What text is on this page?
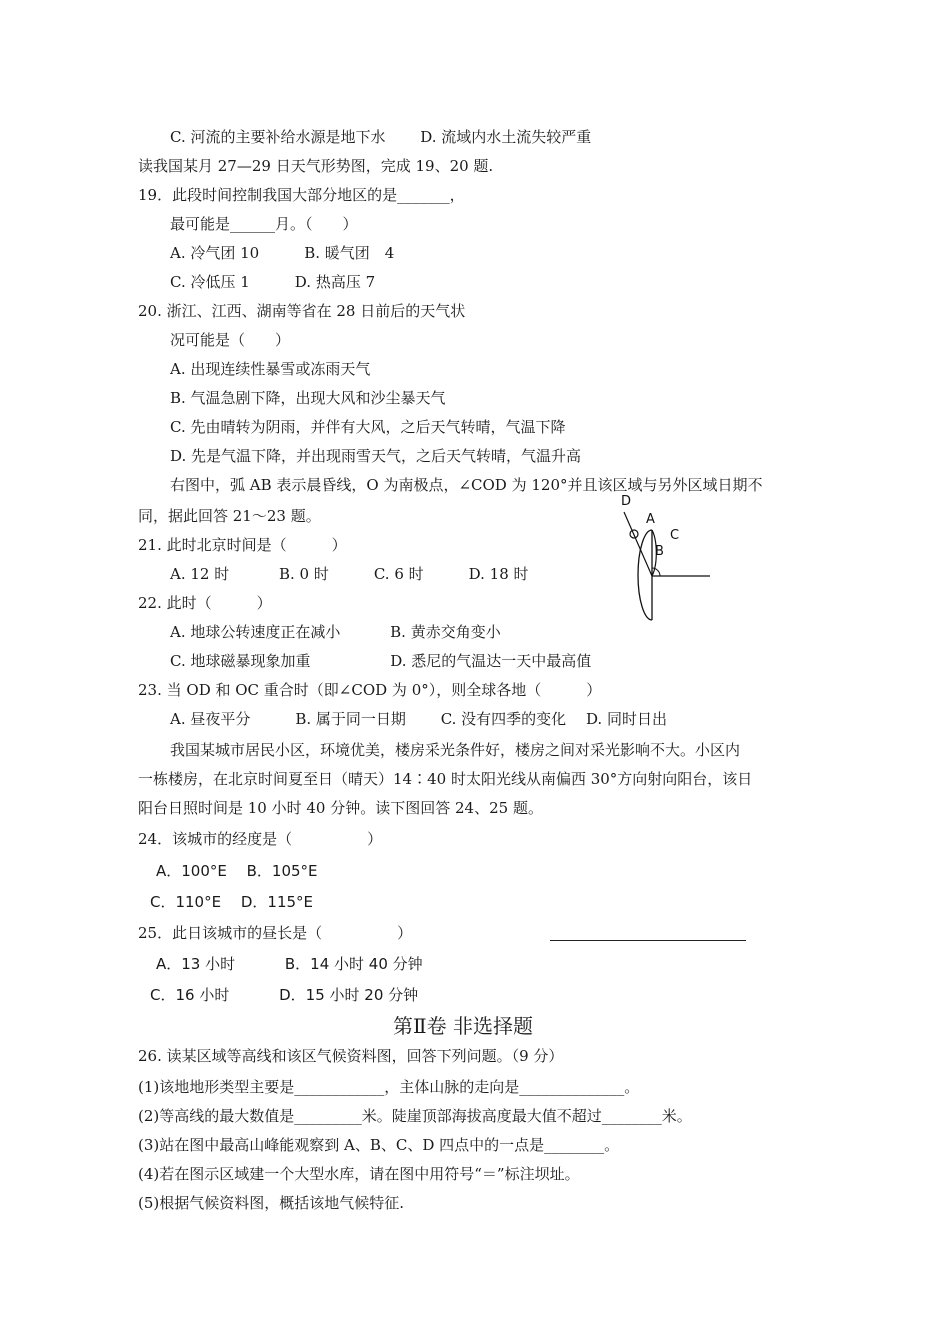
C. 河流的主要补给水源是地下水　　 D. 流域内水土流失较严重
读我国某月 27—29 日天气形势图，完成 19、20 题.
19．此段时间控制我国大部分地区的是_______，
最可能是______月。（　　）
A. 冷气团 10　　　B. 暖气团　4
C. 冷低压 1　　　D. 热高压 7
20. 浙江、江西、湖南等省在 28 日前后的天气状
况可能是（　　）
A. 出现连续性暴雪或冻雨天气
B. 气温急剧下降，出现大风和沙尘暴天气
C. 先由晴转为阴雨，并伴有大风，之后天气转晴，气温下降
D. 先是气温下降，并出现雨雪天气，之后天气转晴，气温升高
右图中，弧 AB 表示晨昏线，O 为南极点，∠COD 为 120°并且该区域与另外区域日期不
同，据此回答 21～23 题。
21. 此时北京时间是（　　　）
A. 12 时　　　 B. 0 时　　　C. 6 时　　　D. 18 时
22. 此时（　　　）
A. 地球公转速度正在减小　　　 B. 黄赤交角变小
C. 地球磁暴现象加重　　　　　 D. 悉尼的气温达一天中最高值
23. 当 OD 和 OC 重合时（即∠COD 为 0°），则全球各地（　　　）
A. 昼夜平分　　　B. 属于同一日期　　 C. 没有四季的变化　 D. 同时日出
我国某城市居民小区，环境优美，楼房采光条件好，楼房之间对采光影响不大。小区内
一栋楼房，在北京时间夏至日（晴天）14∶40 时太阳光线从南偏西 30°方向射向阳台，该日
阳台日照时间是 10 小时 40 分钟。读下图回答 24、25 题。
24．该城市的经度是（　　　　　）
A．100°E　 B．105°E
C．110°E　 D．115°E
25．此日该城市的昼长是（　　　　　）
A．13 小时　　　 B．14 小时 40 分钟
C．16 小时　　　 D．15 小时 20 分钟
第Ⅱ卷 非选择题
26. 读某区域等高线和该区气候资料图，回答下列问题。（9 分）
(1)该地地形类型主要是____________，主体山脉的走向是______________。
(2)等高线的最大数值是_________米。陡崖顶部海拔高度最大值不超过________米。
(3)站在图中最高山峰能观察到 A、B、C、D 四点中的一点是________。
(4)若在图示区域建一个大型水库，请在图中用符号“＝”标注坝址。
(5)根据气候资料图，概括该地气候特征.
D
A
C
B
